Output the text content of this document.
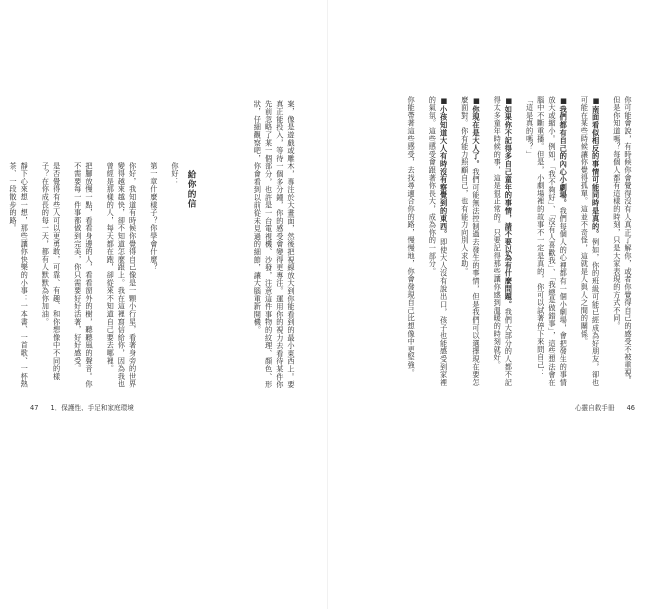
案，像是遊戲或雕木，專注於大畫面，然後把視線放大到你能看到的最小東西上。要真正能投入，等待一個多分鐘，你的感受會變得更專注。運用你的視力去看待某件你先前忽略了某一個部分，也許是一台電視機、沙發，注意這件事物的紋理、顏色、形狀，仔細觀察吧，你會看到以前從未見過的細節，讓大腦重新開機。

給你的信

你好：

第一章什麼樣子？你學會什麼？

你好，我知道有時候你覺得自己像是一顆小行星，看著身旁的世界變得越來越快，卻不知道怎麼跟上。我在這裡寫信給你，因為我也曾經是那樣的人，每天都在跑，卻從來不知道自己要去哪裡。

把腳放慢一點，看看身邊的人，看看窗外的樹，聽聽風的聲音。你不需要每一件事都做到完美，你只需要好好活著，好好感受。

是否覺得有些人可以更勇敢，可靠、有趣、和你想像中不同的樣子？在你成長的每一天，都有人默默為你加油。

靜下心來想一想，那些讓你快樂的小事：一本書、一首歌、一杯熱茶、一段散步的路。

47 1．保護性、手足和家庭環境

你可能會說，有時候你會覺得沒有人真正了解你，或者你覺得自己的感受不被重視。但是你知道嗎？每個人都有這樣的時刻，只是大家表現的方式不同。

■南面看似相反的事情可能同時是真的。例如，你的班級可能已經成為好朋友，卻也可能在某些時候讓你覺得孤單。這並不奇怪，這就是人與人之間的關係。

■我們都有自己的內心小劇場。我們每個人的心裡都有一個小劇場，會把發生的事情放大或縮小。例如，「我不夠好」、「沒有人喜歡我」、「我總是做錯事」，這些想法會在腦中不斷重播。但是，小劇場裡的故事不一定是真的，你可以試著停下來問自己：「這是真的嗎？」

■如果你不記得多自己童年的事情，請不要以為有什麼問題。我們大部分的人都不記得太多童年時候的事，這是很正常的。只要記得那些讓你感到溫暖的時刻就好。

■你現在是大人了。我們可能無法控制過去發生的事情，但是我們可以選擇現在要怎麼面對。你有能力照顧自己，也有能力向別人求助。

■小孩知道大人有時沒有察覺到的東西。即使大人沒有說出口，孩子也能感受到家裡的氣氛。這些感受會跟著你長大，成為你的一部分。

你能帶著這些感受，去找尋適合你的路，慢慢地，你會發現自己比想像中更堅強。

心靈自救手冊 46
